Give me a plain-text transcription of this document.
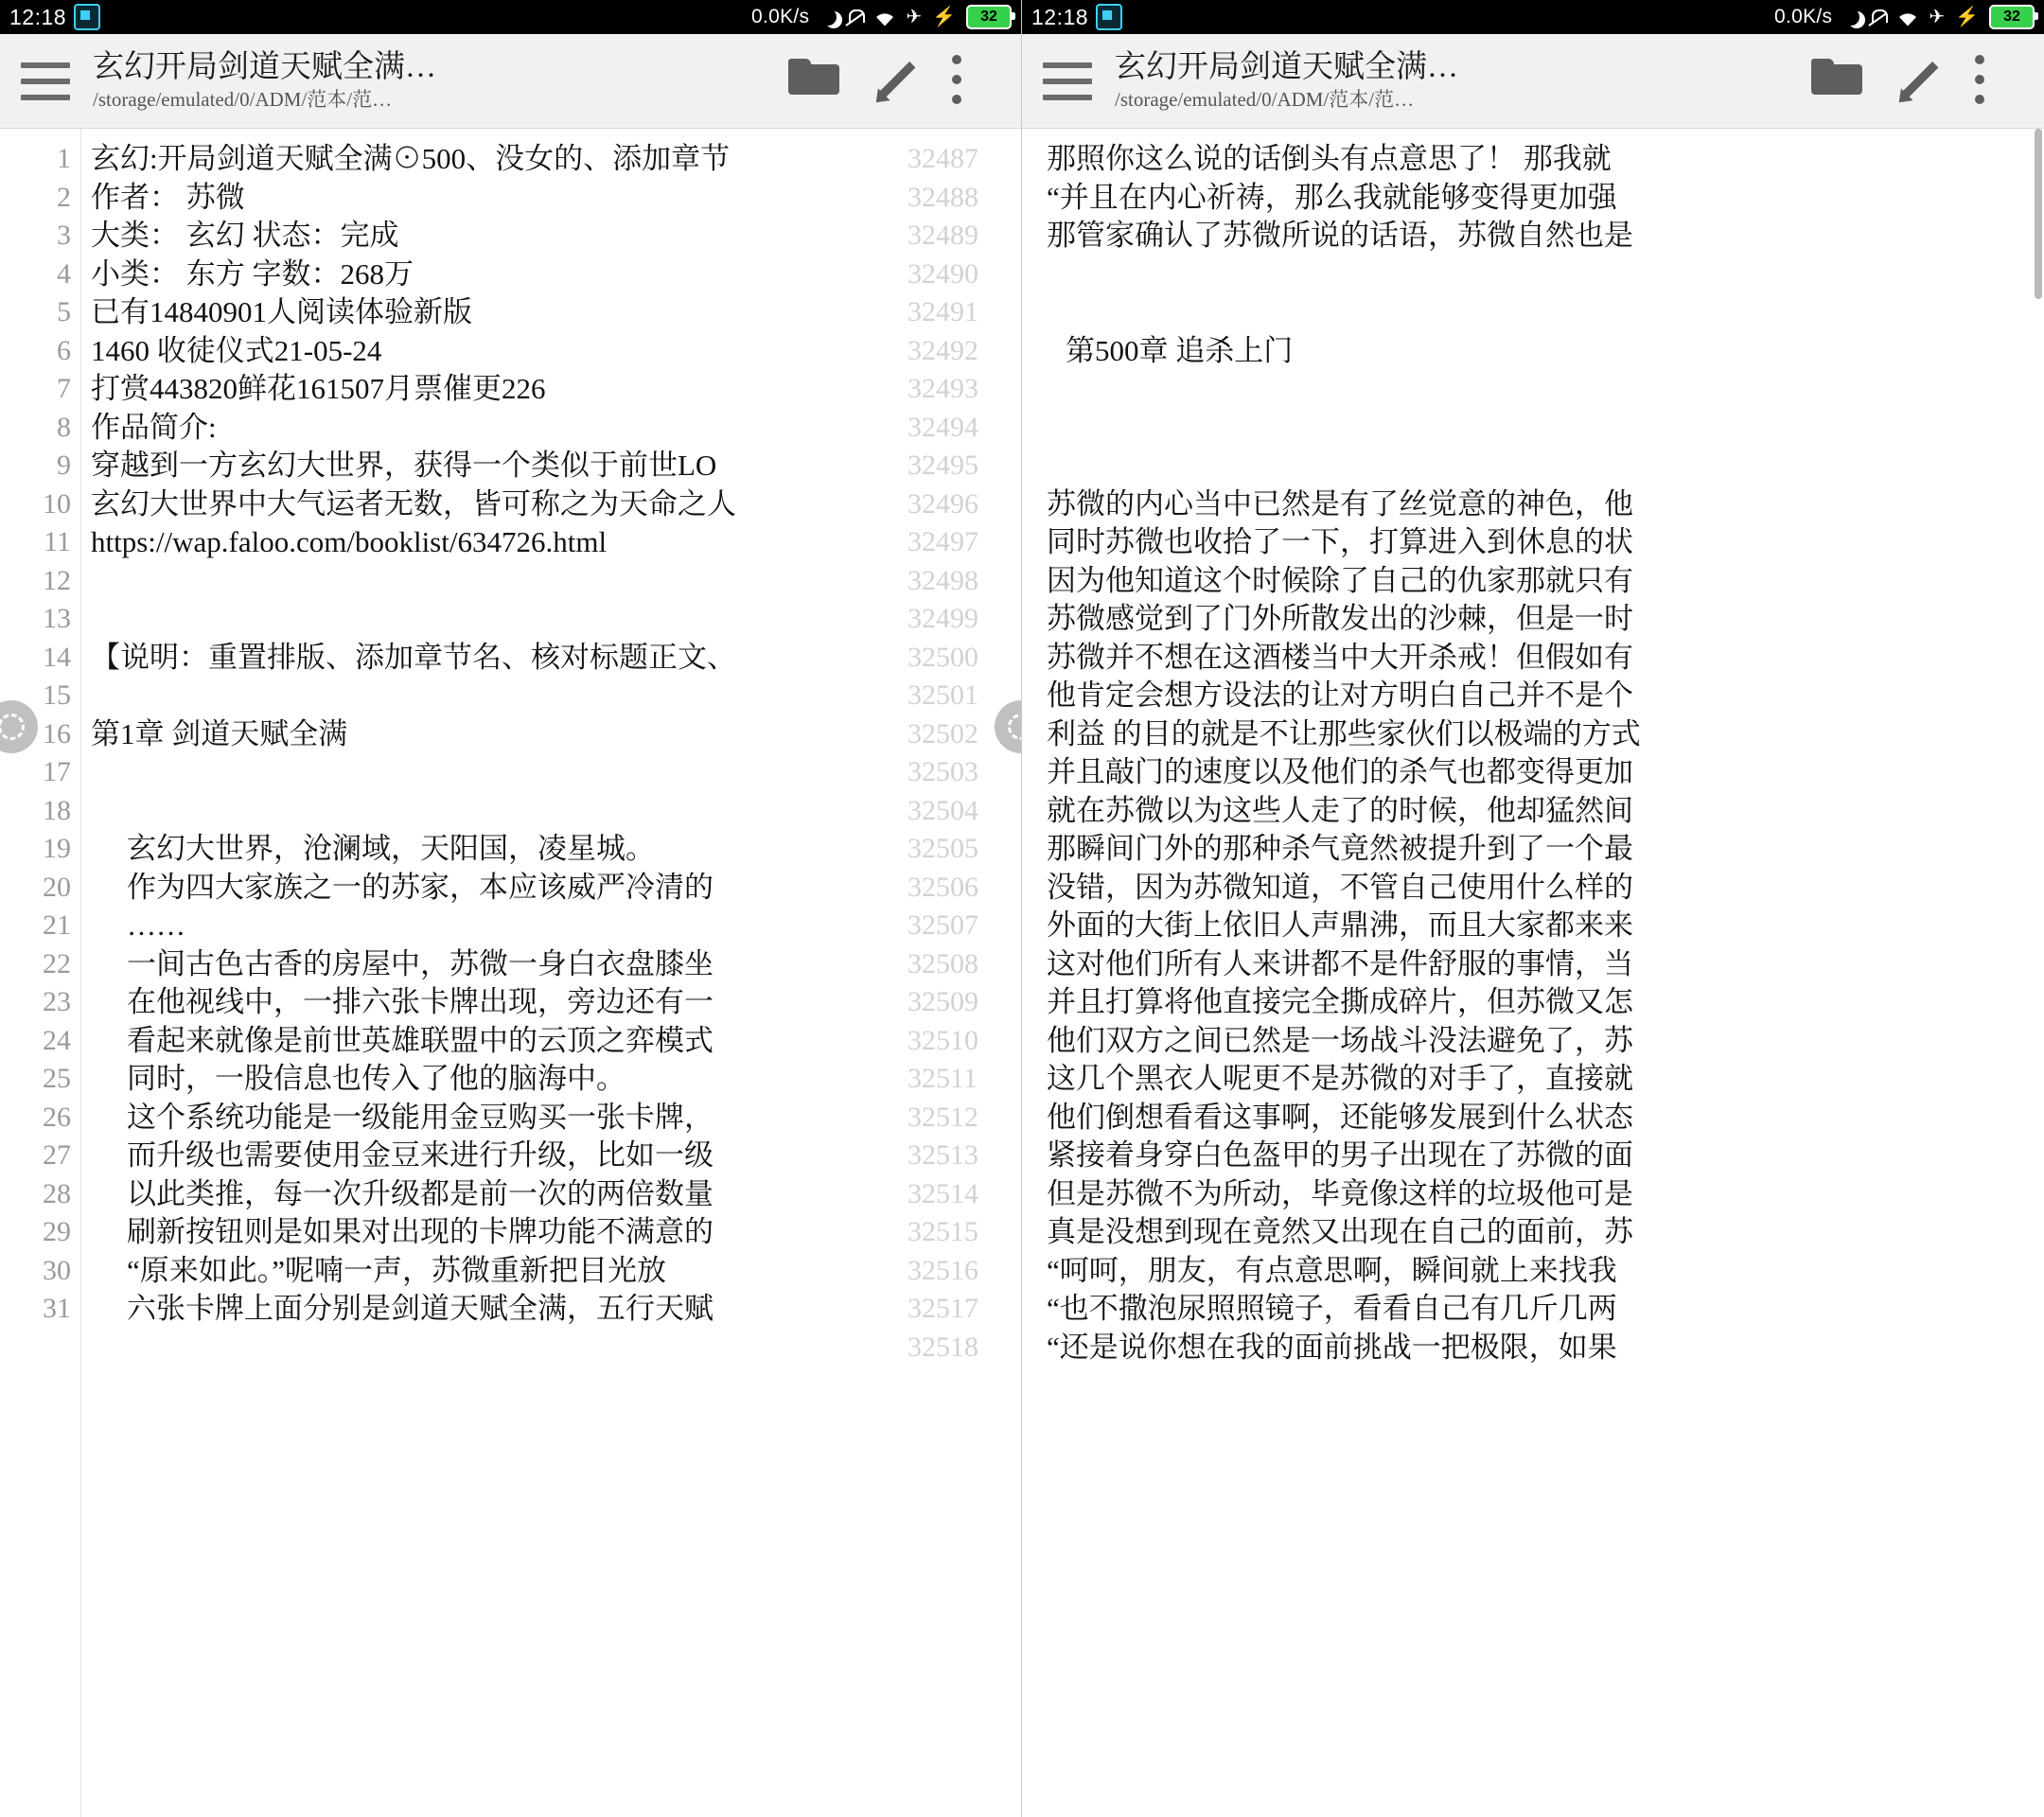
12:18	0.0K/s	✈ ⚡ 32
玄幻开局剑道天赋全满…
/storage/emulated/0/ADM/范本/范…
1
2
3
4
5
6
7
8
9
10
11
12
13
14
15
16
17
18
19
20
21
22
23
24
25
26
27
28
29
30
31
玄幻:开局剑道天赋全满⊙500、没女的、添加章节
作者： 苏微
大类： 玄幻 状态：完成
小类： 东方 字数：268万
已有14840901人阅读体验新版
1460 收徒仪式21-05-24
打赏443820鲜花161507月票催更226
作品简介:
穿越到一方玄幻大世界，获得一个类似于前世LO
玄幻大世界中大气运者无数，皆可称之为天命之人
https://wap.faloo.com/booklist/634726.html

【说明：重置排版、添加章节名、核对标题正文、

第1章 剑道天赋全满

玄幻大世界，沧澜域，天阳国，凌星城。
作为四大家族之一的苏家，本应该威严冷清的
……
一间古色古香的房屋中，苏微一身白衣盘膝坐
在他视线中，一排六张卡牌出现，旁边还有一
看起来就像是前世英雄联盟中的云顶之弈模式
同时，一股信息也传入了他的脑海中。
这个系统功能是一级能用金豆购买一张卡牌，
而升级也需要使用金豆来进行升级，比如一级
以此类推，每一次升级都是前一次的两倍数量
刷新按钮则是如果对出现的卡牌功能不满意的
“原来如此。”呢喃一声，苏微重新把目光放
六张卡牌上面分别是剑道天赋全满，五行天赋
32487
32488
32489
32490
32491
32492
32493
32494
32495
32496
32497
32498
32499
32500
32501
32502
32503
32504
32505
32506
32507
32508
32509
32510
32511
32512
32513
32514
32515
32516
32517
32518
12:18	0.0K/s	✈ ⚡ 32
玄幻开局剑道天赋全满…
/storage/emulated/0/ADM/范本/范…
那照你这么说的话倒头有点意思了！ 那我就
“并且在内心祈祷，那么我就能够变得更加强
那管家确认了苏微所说的话语，苏微自然也是

第500章 追杀上门

苏微的内心当中已然是有了丝觉意的神色，他
同时苏微也收拾了一下，打算进入到休息的状
因为他知道这个时候除了自己的仇家那就只有
苏微感觉到了门外所散发出的沙棘，但是一时
苏微并不想在这酒楼当中大开杀戒！但假如有
他肯定会想方设法的让对方明白自己并不是个
利益 的目的就是不让那些家伙们以极端的方式
并且敲门的速度以及他们的杀气也都变得更加
就在苏微以为这些人走了的时候，他却猛然间
那瞬间门外的那种杀气竟然被提升到了一个最
没错，因为苏微知道，不管自己使用什么样的
外面的大街上依旧人声鼎沸，而且大家都来来
这对他们所有人来讲都不是件舒服的事情，当
并且打算将他直接完全撕成碎片，但苏微又怎
他们双方之间已然是一场战斗没法避免了，苏
这几个黑衣人呢更不是苏微的对手了，直接就
他们倒想看看这事啊，还能够发展到什么状态
紧接着身穿白色盔甲的男子出现在了苏微的面
但是苏微不为所动，毕竟像这样的垃圾他可是
真是没想到现在竟然又出现在自己的面前，苏
“呵呵，朋友，有点意思啊，瞬间就上来找我
“也不撒泡尿照照镜子，看看自己有几斤几两
“还是说你想在我的面前挑战一把极限，如果
